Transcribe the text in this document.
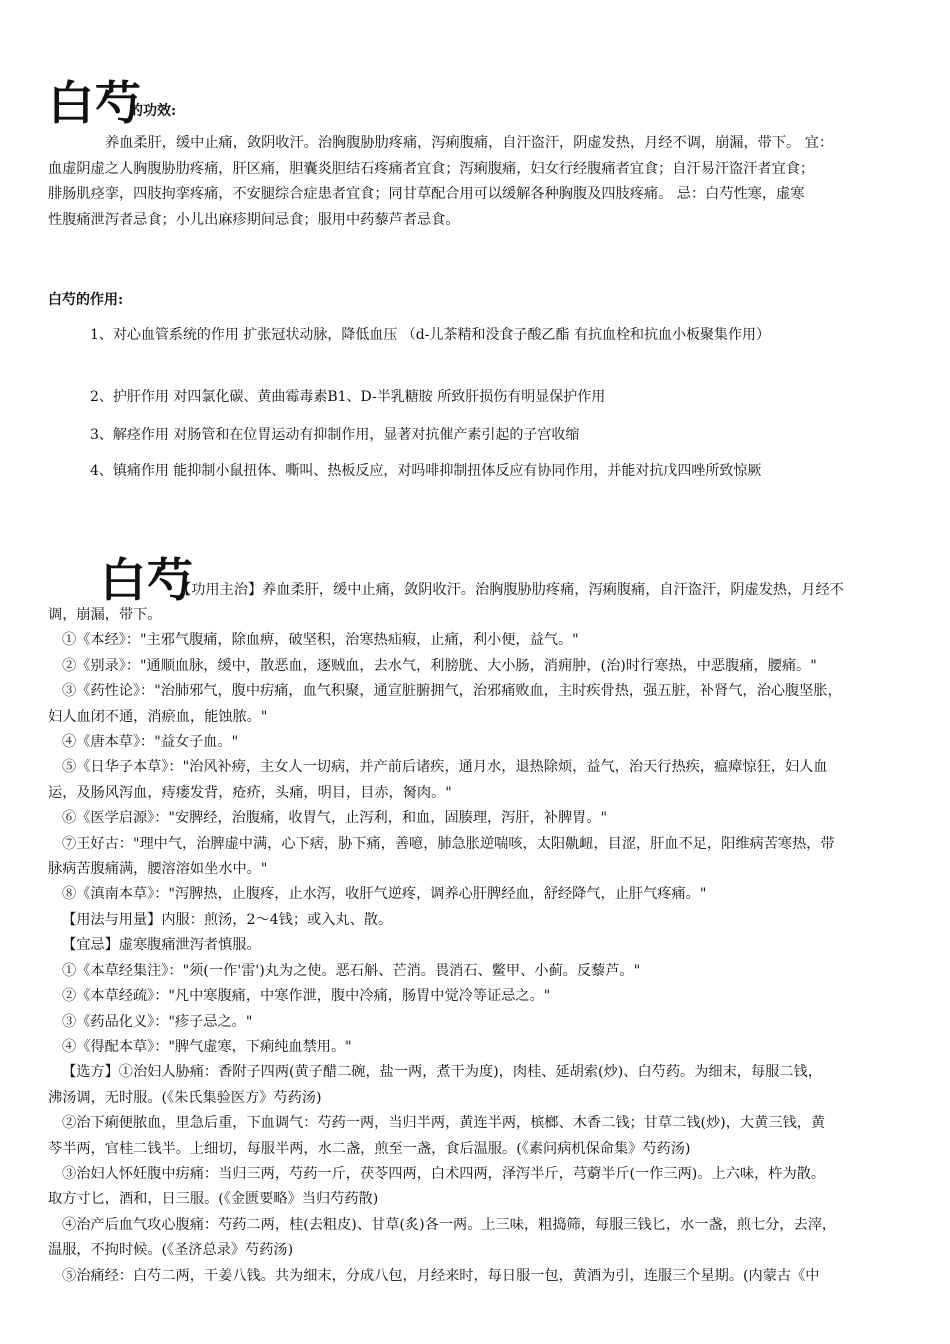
白芍
的功效:
养血柔肝，缓中止痛，敛阴收汗。治胸腹胁肋疼痛，泻痢腹痛，自汗盗汗，阴虚发热，月经不调，崩漏，带下。 宜：
血虚阴虚之人胸腹胁肋疼痛，肝区痛，胆囊炎胆结石疼痛者宜食；泻痢腹痛，妇女行经腹痛者宜食；自汗易汗盗汗者宜食；
腓肠肌痉挛，四肢拘挛疼痛，不安腿综合症患者宜食；同甘草配合用可以缓解各种胸腹及四肢疼痛。 忌：白芍性寒，虚寒
性腹痛泄泻者忌食；小儿出麻疹期间忌食；服用中药藜芦者忌食。
白芍的作用:
1、对心血管系统的作用 扩张冠状动脉，降低血压 （d-儿茶精和没食子酸乙酯 有抗血栓和抗血小板聚集作用）
2、护肝作用 对四氯化碳、黄曲霉毒素B1、D-半乳糖胺 所致肝损伤有明显保护作用
3、解痉作用 对肠管和在位胃运动有抑制作用，显著对抗催产素引起的子宫收缩
4、镇痛作用 能抑制小鼠扭体、嘶叫、热板反应，对吗啡抑制扭体反应有协同作用，并能对抗戊四唑所致惊厥
白芍
【功用主治】养血柔肝，缓中止痛，敛阴收汗。治胸腹胁肋疼痛，泻痢腹痛，自汗盗汗，阴虚发热，月经不
调，崩漏，带下。
①《本经》："主邪气腹痛，除血痹，破坚积，治寒热疝瘕，止痛，利小便，益气。"
②《别录》："通顺血脉，缓中，散恶血，逐贼血，去水气，利膀胱、大小肠，消痈肿，(治)时行寒热，中恶腹痛，腰痛。"
③《药性论》："治肺邪气，腹中疠痛，血气积聚，通宣脏腑拥气，治邪痛败血，主时疾骨热，强五脏，补肾气，治心腹坚胀，
妇人血闭不通，消瘀血，能蚀脓。"
④《唐本草》："益女子血。"
⑤《日华子本草》："治风补痨，主女人一切病，并产前后诸疾，通月水，退热除烦，益气，治天行热疾，瘟瘴惊狂，妇人血
运，及肠风泻血，痔瘘发背，疮疥，头痛，明目，目赤，胬肉。"
⑥《医学启源》："安脾经，治腹痛，收胃气，止泻利，和血，固腠理，泻肝，补脾胃。"
⑦王好古："理中气，治脾虚中满，心下痞，胁下痛，善噫，肺急胀逆喘咳，太阳鼽衄，目涩，肝血不足，阳维病苦寒热，带
脉病苦腹痛满，腰溶溶如坐水中。"
⑧《滇南本草》："泻脾热，止腹疼，止水泻，收肝气逆疼，调养心肝脾经血，舒经降气，止肝气疼痛。"
【用法与用量】内服：煎汤，2～4钱；或入丸、散。
【宜忌】虚寒腹痛泄泻者慎服。
①《本草经集注》："须(一作'雷')丸为之使。恶石斛、芒消。畏消石、鳖甲、小蓟。反藜芦。"
②《本草经疏》："凡中寒腹痛，中寒作泄，腹中冷痛，肠胃中觉冷等证忌之。"
③《药品化义》："疹子忌之。"
④《得配本草》："脾气虚寒，下痢纯血禁用。"
【选方】①治妇人胁痛：香附子四两(黄子醋二碗，盐一两，煮干为度)，肉桂、延胡索(炒)、白芍药。为细末，每服二钱，
沸汤调，无时服。(《朱氏集验医方》芍药汤)
②治下痢便脓血，里急后重，下血调气：芍药一两，当归半两，黄连半两，槟榔、木香二钱；甘草二钱(炒)，大黄三钱，黄
芩半两，官桂二钱半。上细切，每服半两，水二盏，煎至一盏，食后温服。(《素问病机保命集》芍药汤)
③治妇人怀妊腹中疠痛：当归三两，芍药一斤，茯苓四两，白术四两，泽泻半斤，芎藭半斤(一作三两)。上六味，杵为散。
取方寸匕，酒和，日三服。(《金匮要略》当归芍药散)
④治产后血气攻心腹痛：芍药二两，桂(去粗皮)、甘草(炙)各一两。上三味，粗捣筛，每服三钱匕，水一盏，煎七分，去滓，
温服，不拘时候。(《圣济总录》芍药汤)
⑤治痛经：白芍二两，干姜八钱。共为细末，分成八包，月经来时，每日服一包，黄酒为引，连服三个星期。(内蒙古《中
